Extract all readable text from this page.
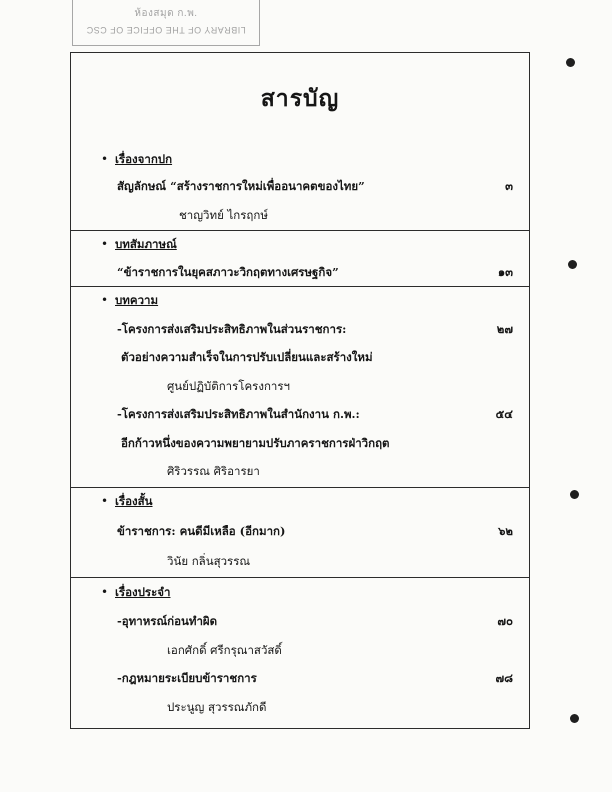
ห้องสมุด ก.พ.
LIBRARY OF THE OFFICE OF CSC
สารบัญ
• เรื่องจากปก
สัญลักษณ์ “สร้างราชการใหม่เพื่ออนาคตของไทย”	๓
ชาญวิทย์ ไกรฤกษ์
• บทสัมภาษณ์
“ข้าราชการในยุคสภาวะวิกฤตทางเศรษฐกิจ”	๑๓
• บทความ
-โครงการส่งเสริมประสิทธิภาพในส่วนราชการ:	๒๗
ตัวอย่างความสำเร็จในการปรับเปลี่ยนและสร้างใหม่
ศูนย์ปฏิบัติการโครงการฯ
-โครงการส่งเสริมประสิทธิภาพในสำนักงาน ก.พ.:	๕๔
อีกก้าวหนึ่งของความพยายามปรับภาคราชการฝ่าวิกฤต
ศิริวรรณ ศิริอารยา
• เรื่องสั้น
ข้าราชการ: คนดีมีเหลือ (อีกมาก)	๖๒
วินัย กลิ่นสุวรรณ
• เรื่องประจำ
-อุทาหรณ์ก่อนทำผิด	๗๐
เอกศักดิ์ ศรีกรุณาสวัสดิ์
-กฎหมายระเบียบข้าราชการ	๗๘
ประนูญ สุวรรณภักดี
